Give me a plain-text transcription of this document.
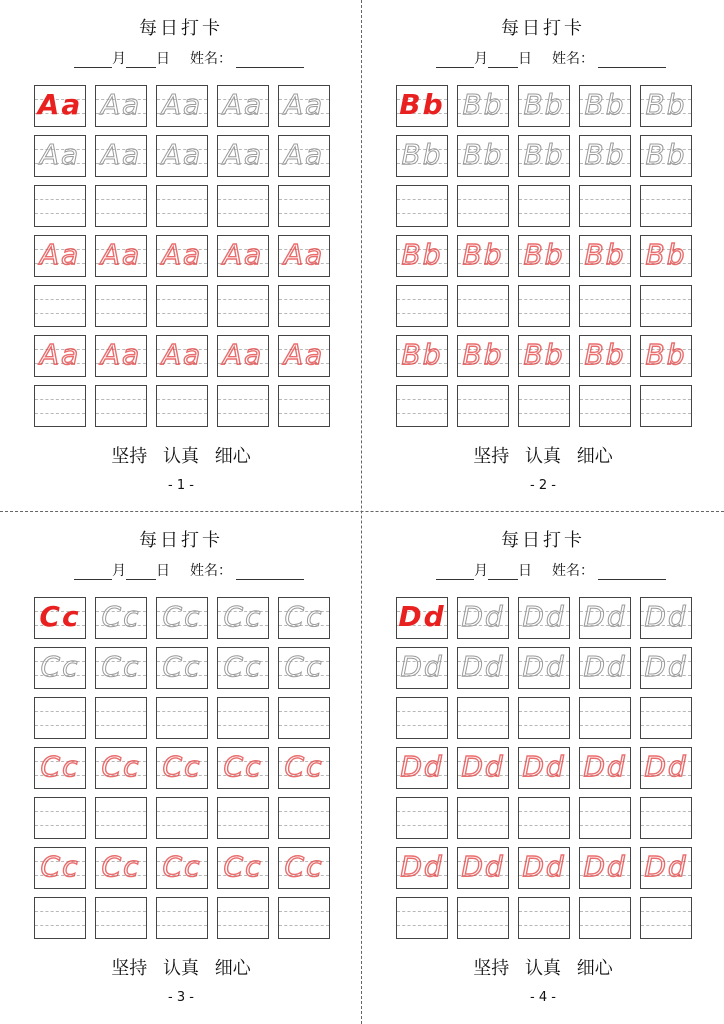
每日打卡
月 日 姓名：
Aa Aa Aa Aa Aa
Aa Aa Aa Aa Aa
Aa Aa Aa Aa Aa
Aa Aa Aa Aa Aa
坚持 认真 细心
- 1 -
每日打卡
月 日 姓名：
Bb Bb Bb Bb Bb
Bb Bb Bb Bb Bb
Bb Bb Bb Bb Bb
Bb Bb Bb Bb Bb
坚持 认真 细心
- 2 -
每日打卡
月 日 姓名：
Cc Cc Cc Cc Cc
Cc Cc Cc Cc Cc
Cc Cc Cc Cc Cc
Cc Cc Cc Cc Cc
坚持 认真 细心
- 3 -
每日打卡
月 日 姓名：
Dd Dd Dd Dd Dd
Dd Dd Dd Dd Dd
Dd Dd Dd Dd Dd
Dd Dd Dd Dd Dd
坚持 认真 细心
- 4 -
